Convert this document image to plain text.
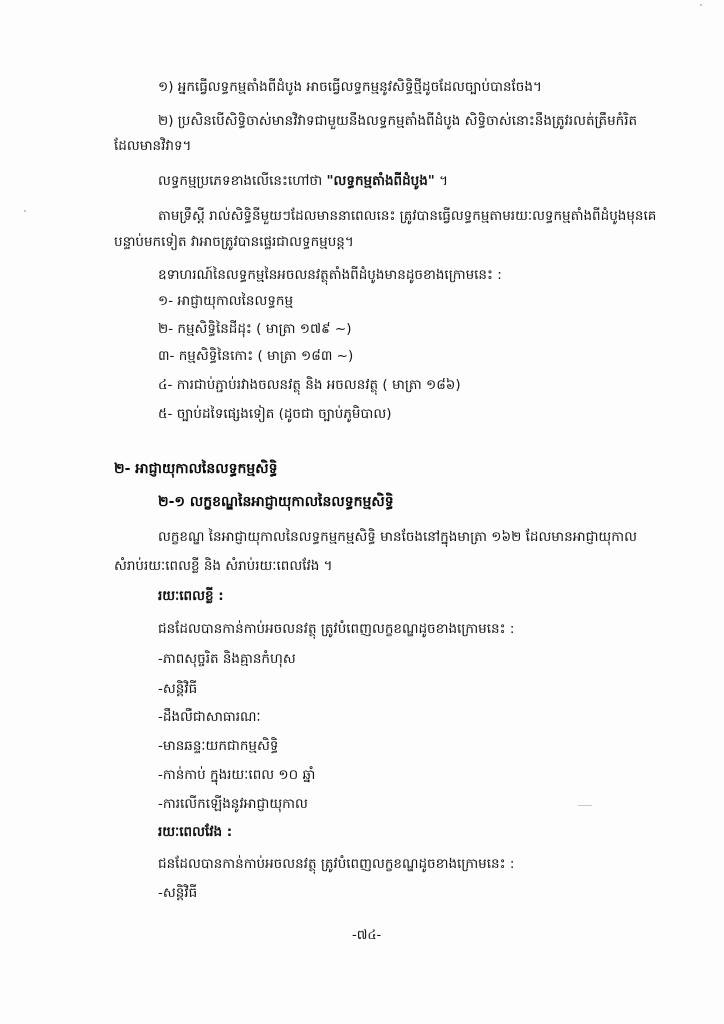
១) អ្នកធ្វើលទ្ធកម្មតាំងពីដំបូង អាចធ្វើលទ្ធកម្មនូវសិទ្ធិថ្មីដូចដែលច្បាប់បានចែង។
២) ប្រសិនបើសិទ្ធិចាស់មានវិវាទជាមួយនឹងលទ្ធកម្មតាំងពីដំបូង សិទ្ធិចាស់នោះនឹងត្រូវរលត់ត្រឹមកំរិត
ដែលមានវិវាទ។
លទ្ធកម្មប្រភេទខាងលើនេះហៅថា "លទ្ធកម្មតាំងពីដំបូង" ។
តាមទ្រឹស្តី រាល់សិទ្ធិនីមួយៗដែលមាននាពេលនេះ ត្រូវបានធ្វើលទ្ធកម្មតាមរយៈលទ្ធកម្មតាំងពីដំបូងមុនគេ
បន្ទាប់មកទៀត វាអាចត្រូវបានផ្ទេរជាលទ្ធកម្មបន្ត។
ឧទាហរណ៍នៃលទ្ធកម្មនៃអចលនវត្ថុតាំងពីដំបូងមានដូចខាងក្រោមនេះ :
១- អាជ្ញាយុកាលនៃលទ្ធកម្ម
២- កម្មសិទ្ធិនៃដីដុះ ( មាត្រា ១៧៩ ~)
៣- កម្មសិទ្ធិនៃកោះ ( មាត្រា ១៨៣ ~)
៤- ការជាប់ភ្ជាប់រវាងចលនវត្ថុ និង អចលនវត្ថុ ( មាត្រា ១៨៦)
៥- ច្បាប់ដទៃផ្សេងទៀត (ដូចជា ច្បាប់ភូមិបាល)
២- អាជ្ញាយុកាលនៃលទ្ធកម្មសិទ្ធិ
២-១ លក្ខខណ្ឌនៃអាជ្ញាយុកាលនៃលទ្ធកម្មសិទ្ធិ
លក្ខខណ្ឌ នៃអាជ្ញាយុកាលនៃលទ្ធកម្មកម្មសិទ្ធិ មានចែងនៅក្នុងមាត្រា ១៦២ ដែលមានអាជ្ញាយុកាល
សំរាប់រយៈពេលខ្លី និង សំរាប់រយៈពេលវែង ។
រយៈពេលខ្លី :
ជនដែលបានកាន់កាប់អចលនវត្ថុ ត្រូវបំពេញលក្ខខណ្ឌដូចខាងក្រោមនេះ :
-ភាពសុច្ចរិត និងគ្មានកំហុស
-សន្តិវិធី
-ដឹងលឺជាសាធារណៈ
-មានឆន្ទៈយកជាកម្មសិទ្ធិ
-កាន់កាប់ ក្នុងរយៈពេល ១០ ឆ្នាំ
-ការលើកឡើងនូវអាជ្ញាយុកាល
រយៈពេលវែង :
ជនដែលបានកាន់កាប់អចលនវត្ថុ ត្រូវបំពេញលក្ខខណ្ឌដូចខាងក្រោមនេះ :
-សន្តិវិធី
-៧៤-
